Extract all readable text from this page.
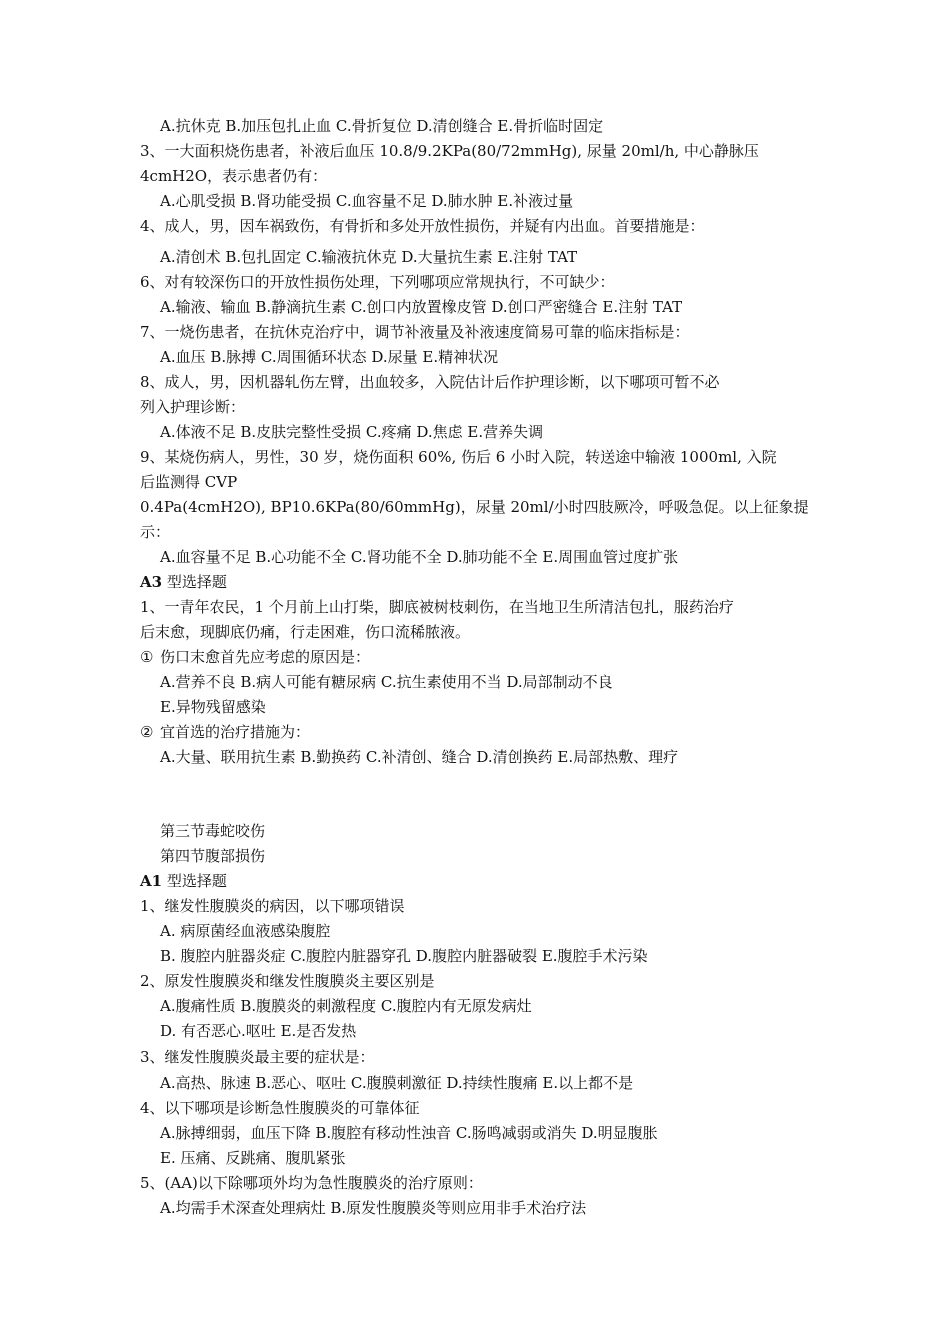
A.抗休克 B.加压包扎止血 C.骨折复位 D.清创缝合 E.骨折临时固定
3、一大面积烧伤患者，补液后血压 10.8/9.2KPa(80/72mmHg), 尿量 20ml/h, 中心静脉压
4cmH2O，表示患者仍有：
A.心肌受损 B.肾功能受损 C.血容量不足 D.肺水肿 E.补液过量
4、成人，男，因车祸致伤，有骨折和多处开放性损伤，并疑有内出血。首要措施是：
A.清创术 B.包扎固定 C.输液抗休克 D.大量抗生素 E.注射 TAT
6、对有较深伤口的开放性损伤处理，下列哪项应常规执行，不可缺少：
A.输液、输血 B.静滴抗生素 C.创口内放置橡皮管 D.创口严密缝合 E.注射 TAT
7、一烧伤患者，在抗休克治疗中，调节补液量及补液速度简易可靠的临床指标是：
A.血压 B.脉搏 C.周围循环状态 D.尿量 E.精神状况
8、成人，男，因机器轧伤左臂，出血较多，入院估计后作护理诊断，以下哪项可暂不必
列入护理诊断：
A.体液不足 B.皮肤完整性受损 C.疼痛 D.焦虑 E.营养失调
9、某烧伤病人，男性，30 岁，烧伤面积 60%, 伤后 6 小时入院，转送途中输液 1000ml, 入院
后监测得 CVP
0.4Pa(4cmH2O), BP10.6KPa(80/60mmHg)，尿量 20ml/小时四肢厥冷，呼吸急促。以上征象提
示：
A.血容量不足 B.心功能不全 C.肾功能不全 D.肺功能不全 E.周围血管过度扩张
A3 型选择题
1、一青年农民，1 个月前上山打柴，脚底被树枝刺伤，在当地卫生所清洁包扎，服药治疗
后末愈，现脚底仍痛，行走困难，伤口流稀脓液。
① 伤口末愈首先应考虑的原因是：
A.营养不良 B.病人可能有糖尿病 C.抗生素使用不当 D.局部制动不良
E.异物残留感染
② 宜首选的治疗措施为：
A.大量、联用抗生素 B.勤换药 C.补清创、缝合 D.清创换药 E.局部热敷、理疗
第三节毒蛇咬伤
第四节腹部损伤
A1 型选择题
1、继发性腹膜炎的病因，以下哪项错误
A. 病原菌经血液感染腹腔
B. 腹腔内脏器炎症 C.腹腔内脏器穿孔 D.腹腔内脏器破裂 E.腹腔手术污染
2、原发性腹膜炎和继发性腹膜炎主要区别是
A.腹痛性质 B.腹膜炎的刺激程度 C.腹腔内有无原发病灶
D. 有否恶心.呕吐 E.是否发热
3、继发性腹膜炎最主要的症状是：
A.高热、脉速 B.恶心、呕吐 C.腹膜刺激征 D.持续性腹痛 E.以上都不是
4、以下哪项是诊断急性腹膜炎的可靠体征
A.脉搏细弱，血压下降 B.腹腔有移动性浊音 C.肠鸣减弱或消失 D.明显腹胀
E. 压痛、反跳痛、腹肌紧张
5、(AA)以下除哪项外均为急性腹膜炎的治疗原则：
A.均需手术深查处理病灶 B.原发性腹膜炎等则应用非手术治疗法
